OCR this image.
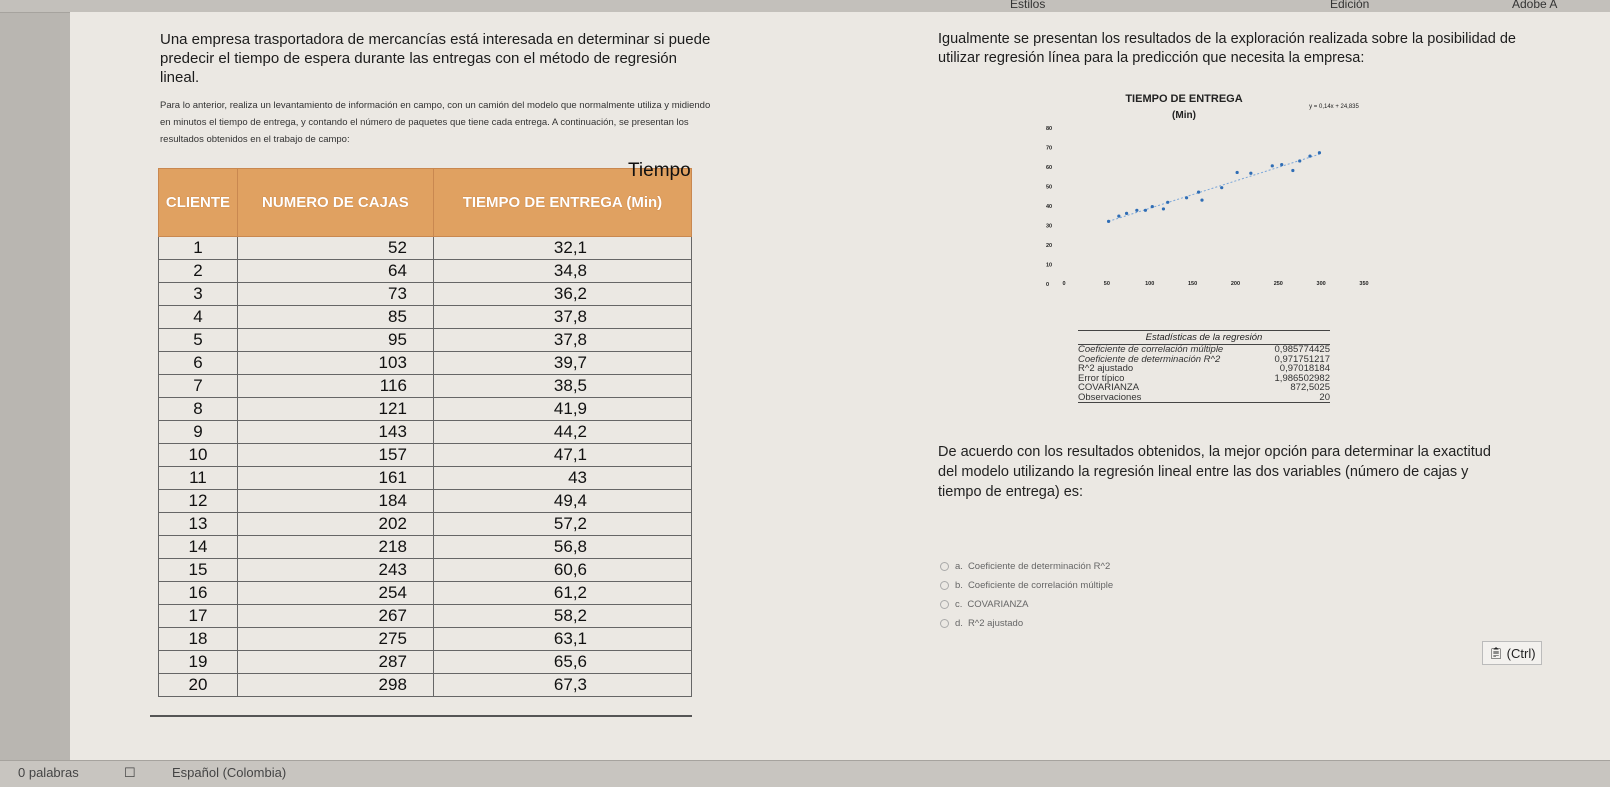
Estilos	Edición	Adobe A

Una empresa trasportadora de mercancías está interesada en determinar si puede predecir el tiempo de espera durante las entregas con el método de regresión lineal.

Para lo anterior, realiza un levantamiento de información en campo, con un camión del modelo que normalmente utiliza y midiendo en minutos el tiempo de entrega, y contando el número de paquetes que tiene cada entrega. A continuación, se presentan los resultados obtenidos en el trabajo de campo:

Igualmente se presentan los resultados de la exploración realizada sobre la posibilidad de utilizar regresión línea para la predicción que necesita la empresa:

Tiempo
CLIENTE	NUMERO DE CAJAS	TIEMPO DE ENTREGA (Min)
1	52	32,1
2	64	34,8
3	73	36,2
4	85	37,8
5	95	37,8
6	103	39,7
7	116	38,5
8	121	41,9
9	143	44,2
10	157	47,1
11	161	43
12	184	49,4
13	202	57,2
14	218	56,8
15	243	60,6
16	254	61,2
17	267	58,2
18	275	63,1
19	287	65,6
20	298	67,3
TIEMPO DE ENTREGA
(Min)
y = 0,14x + 24,835
0
10
20
30
40
50
60
70
80
0	50	100	150	200	250	300	350
Estadísticas de la regresión
Coeficiente de correlación múltiple	0,985774425
Coeficiente de determinación R^2	0,971751217
R^2 ajustado	0,97018184
Error típico	1,986502982
COVARIANZA	872,5025
Observaciones	20
De acuerdo con los resultados obtenidos, la mejor opción para determinar la exactitud del modelo utilizando la regresión lineal entre las dos variables (número de cajas y tiempo de entrega) es:
a. Coeficiente de determinación R^2
b. Coeficiente de correlación múltiple
c. COVARIANZA
d. R^2 ajustado
📋︎ (Ctrl)
0 palabras	☐	Español (Colombia)
